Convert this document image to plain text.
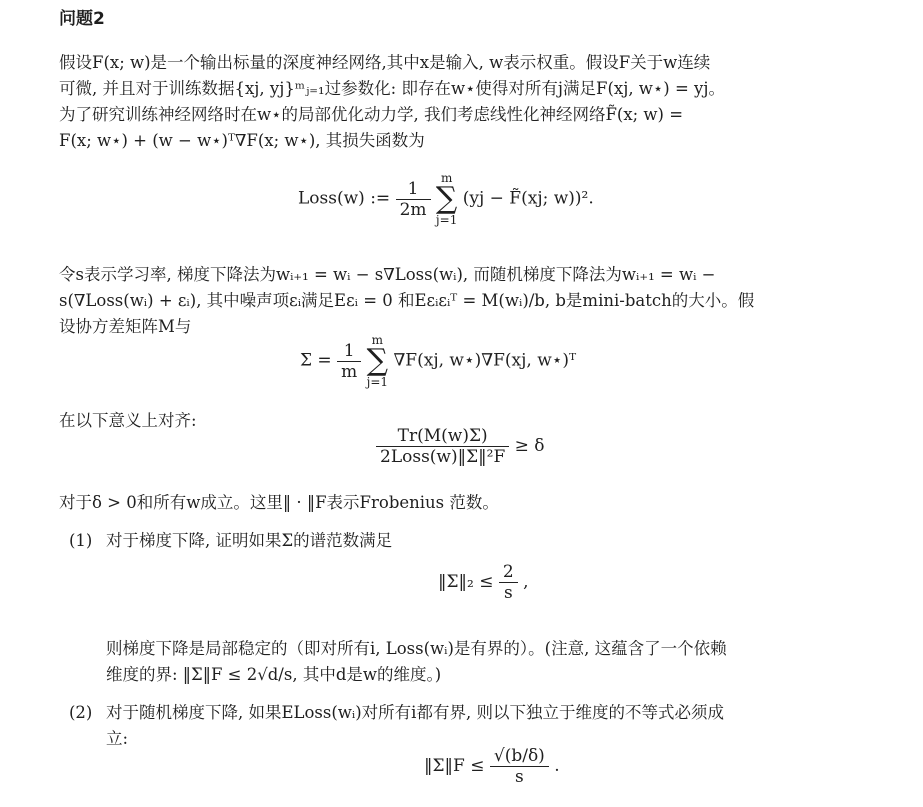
问题2
假设F(x; w)是一个输出标量的深度神经网络,其中x是输入, w表示权重。假设F关于w连续
可微, 并且对于训练数据{xj, yj}ᵐⱼ₌₁过参数化: 即存在w⋆使得对所有j满足F(xj, w⋆) = yj。
为了研究训练神经网络时在w⋆的局部优化动力学, 我们考虑线性化神经网络F̃(x; w) =
F(x; w⋆) + (w − w⋆)ᵀ∇F(x; w⋆), 其损失函数为
Loss(w) := $\frac{1}{2m}$

m
∑
j=1
(yj − F̃(xj; w))².
令s表示学习率, 梯度下降法为wᵢ₊₁ = wᵢ − s∇Loss(wᵢ), 而随机梯度下降法为wᵢ₊₁ = wᵢ −
s(∇Loss(wᵢ) + εᵢ), 其中噪声项εᵢ满足Eεᵢ = 0 和Eεᵢεᵢᵀ = M(wᵢ)/b, b是mini-batch的大小。假
设协方差矩阵M与
$\Sigma = \frac{1}{m}$

m
∑
j=1
∇F(xj, w⋆)∇F(xj, w⋆)ᵀ
在以下意义上对齐:
$\frac{Tr(M(w)\Sigma)}{\text{2Loss(w)‖Σ‖²F}} \ge \delta$
对于δ > 0和所有w成立。这里‖ · ‖F表示Frobenius 范数。
(1) 对于梯度下降, 证明如果Σ的谱范数满足
‖Σ‖₂ ≤ $\frac{2}{s}$ ,
则梯度下降是局部稳定的（即对所有i, Loss(wᵢ)是有界的）。(注意, 这蕴含了一个依赖
维度的界: ‖Σ‖F ≤ 2√d/s, 其中d是w的维度。)
(2) 对于随机梯度下降, 如果ELoss(wᵢ)对所有i都有界, 则以下独立于维度的不等式必须成
立:
‖Σ‖F ≤ $\frac{√(b/\delta)}{s}$ .
